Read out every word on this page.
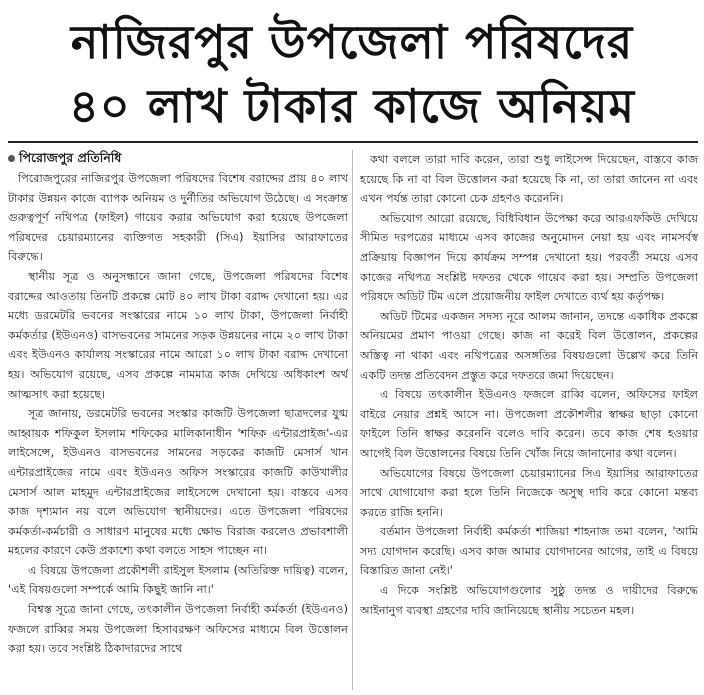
নাজিরপুর উপজেলা পরিষদের
৪০ লাখ টাকার কাজে অনিয়ম
পিরোজপুর প্রতিনিধি

পিরোজপুরের নাজিরপুর উপজেলা পরিষদের বিশেষ বরাদ্দের প্রায় ৪০ লাখ টাকার উন্নয়ন কাজে ব্যাপক অনিয়ম ও দুর্নীতির অভিযোগ উঠেছে। এ সংক্রান্ত গুরুত্বপূর্ণ নথিপত্র (ফাইল) গায়েব করার অভিযোগ করা হয়েছে উপজেলা পরিষদের চেয়ারম্যানের ব্যক্তিগত সহকারী (সিএ) ইয়াসির আরাফাতের বিরুদ্ধে।

স্থানীয় সূত্র ও অনুসন্ধানে জানা গেছে, উপজেলা পরিষদের বিশেষ বরাদ্দের আওতায় তিনটি প্রকল্পে মোট ৪০ লাখ টাকা বরাদ্দ দেখানো হয়। এর মধ্যে ডরমেটরি ভবনের সংস্কারের নামে ১০ লাখ টাকা, উপজেলা নির্বাহী কর্মকর্তার (ইউএনও) বাসভবনের সামনের সড়ক উন্নয়নের নামে ২০ লাখ টাকা এবং ইউএনও কার্যালয় সংস্কারের নামে আরো ১০ লাখ টাকা বরাদ্দ দেখানো হয়। অভিযোগ রয়েছে, এসব প্রকল্পে নামমাত্র কাজ দেখিয়ে অধিকাংশ অর্থ আত্মসাৎ করা হয়েছে।

সূত্র জানায়, ডরমেটরি ভবনের সংস্কার কাজটি উপজেলা ছাত্রদলের যুগ্ম আহ্বায়ক শফিকুল ইসলাম শফিকের মালিকানাধীন 'শফিক এন্টারপ্রাইজ'-এর লাইসেন্সে, ইউএনও বাসভবনের সামনের সড়কের কাজটি মেসার্স খান এন্টারপ্রাইজের নামে এবং ইউএনও অফিস সংস্কারের কাজটি কাউখালীর মেসার্স আল মাহমুদ এন্টারপ্রাইজের লাইসেন্সে দেখানো হয়। বাস্তবে এসব কাজ দৃশ্যমান নয় বলে অভিযোগ স্থানীয়দের। এতে উপজেলা পরিষদের কর্মকর্তা-কর্মচারী ও সাধারণ মানুষের মধ্যে ক্ষোভ বিরাজ করলেও প্রভাবশালী মহলের কারণে কেউ প্রকাশ্যে কথা বলতে সাহস পাচ্ছেন না।

এ বিষয়ে উপজেলা প্রকৌশলী রাইসুল ইসলাম (অতিরিক্ত দায়িত্ব) বলেন, 'এই বিষয়গুলো সম্পর্কে আমি কিছুই জানি না।'

বিশ্বস্ত সূত্রে জানা গেছে, তৎকালীন উপজেলা নির্বাহী কর্মকর্তা (ইউএনও) ফজলে রাব্বির সময় উপজেলা হিসাবরক্ষণ অফিসের মাধ্যমে বিল উত্তোলন করা হয়। তবে সংশ্লিষ্ট ঠিকাদারদের সাথে

কথা বললে তারা দাবি করেন, তারা শুধু লাইসেন্স দিয়েছেন, বাস্তবে কাজ হয়েছে কি না বা বিল উত্তোলন করা হয়েছে কি না, তা তারা জানেন না এবং এখন পর্যন্ত তারা কোনো চেক গ্রহণও করেননি।

অভিযোগ আরো রয়েছে, বিধিবিধান উপেক্ষা করে আরএফকিউ দেখিয়ে সীমিত দরপত্রের মাধ্যমে এসব কাজের অনুমোদন নেয়া হয় এবং নামসর্বস্ব প্রক্রিয়ায় বিজ্ঞাপন দিয়ে কার্যক্রম সম্পন্ন দেখানো হয়। পরবর্তী সময়ে এসব কাজের নথিপত্র সংশ্লিষ্ট দফতর থেকে গায়েব করা হয়। সম্প্রতি উপজেলা পরিষদে অডিট টিম এলে প্রয়োজনীয় ফাইল দেখাতে ব্যর্থ হয় কর্তৃপক্ষ।

অডিট টিমের একজন সদস্য নূরে আলম জানান, তদন্তে একাধিক প্রকল্পে অনিয়মের প্রমাণ পাওয়া গেছে। কাজ না করেই বিল উত্তোলন, প্রকল্পের অস্তিত্ব না থাকা এবং নথিপত্রের অসঙ্গতির বিষয়গুলো উল্লেখ করে তিনি একটি তদন্ত প্রতিবেদন প্রস্তুত করে দফতরে জমা দিয়েছেন।

এ বিষয়ে তৎকালীন ইউএনও ফজলে রাব্বি বলেন, অফিসের ফাইল বাইরে নেয়ার প্রশ্নই আসে না। উপজেলা প্রকৌশলীর স্বাক্ষর ছাড়া কোনো ফাইলে তিনি স্বাক্ষর করেননি বলেও দাবি করেন। তবে কাজ শেষ হওয়ার আগেই বিল উত্তোলনের বিষয়ে তিনি খোঁজ নিয়ে জানানোর কথা বলেন।

অভিযোগের বিষয়ে উপজেলা চেয়ারম্যানের সিএ ইয়াসির আরাফাতের সাথে যোগাযোগ করা হলে তিনি নিজেকে অসুস্থ দাবি করে কোনো মন্তব্য করতে রাজি হননি।

বর্তমান উপজেলা নির্বাহী কর্মকর্তা শাজিয়া শাহনাজ তমা বলেন, 'আমি সদ্য যোগদান করেছি। এসব কাজ আমার যোগদানের আগের, তাই এ বিষয়ে বিস্তারিত জানা নেই।'

এ দিকে সংশ্লিষ্ট অভিযোগগুলোর সুষ্ঠু তদন্ত ও দায়ীদের বিরুদ্ধে আইনানুগ ব্যবস্থা গ্রহণের দাবি জানিয়েছে স্থানীয় সচেতন মহল।
